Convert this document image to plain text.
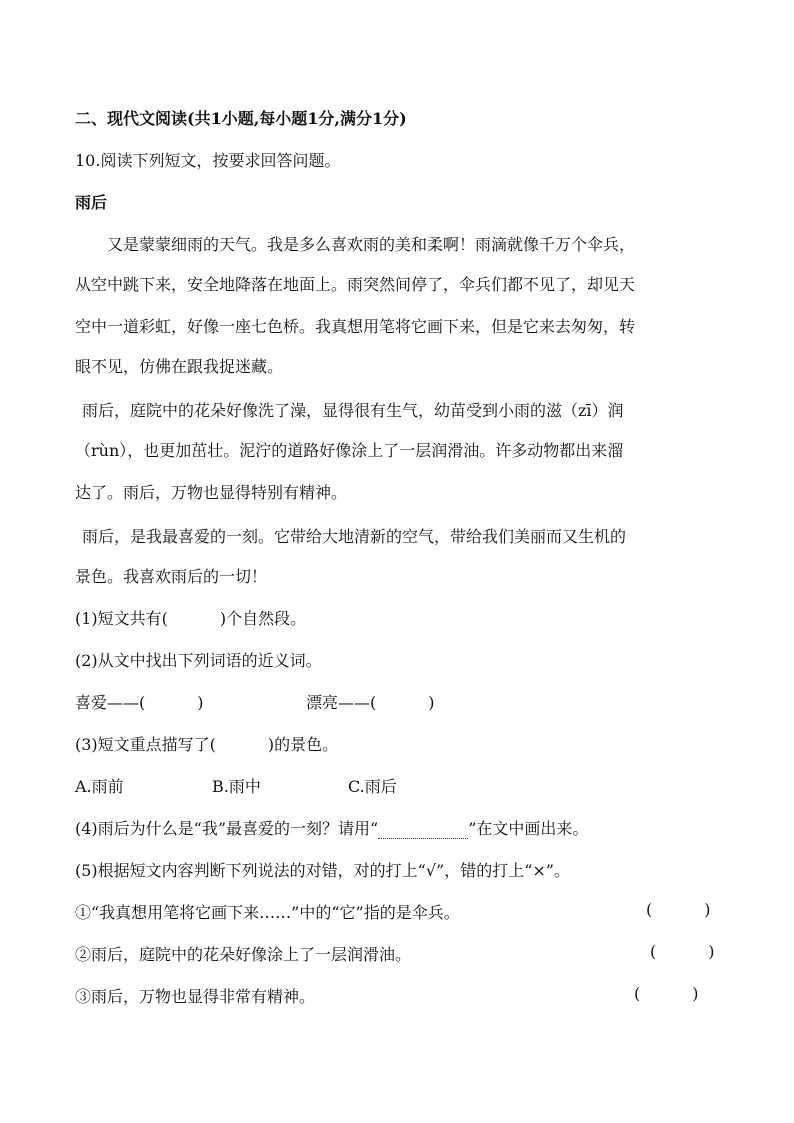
二、现代文阅读(共1小题,每小题1分,满分1分)
10.阅读下列短文，按要求回答问题。
雨后
又是蒙蒙细雨的天气。我是多么喜欢雨的美和柔啊！雨滴就像千万个伞兵，
从空中跳下来，安全地降落在地面上。雨突然间停了，伞兵们都不见了，却见天
空中一道彩虹，好像一座七色桥。我真想用笔将它画下来，但是它来去匆匆，转
眼不见，仿佛在跟我捉迷藏。
雨后，庭院中的花朵好像洗了澡，显得很有生气，幼苗受到小雨的滋（zī）润
（rùn），也更加茁壮。泥泞的道路好像涂上了一层润滑油。许多动物都出来溜
达了。雨后，万物也显得特别有精神。
雨后，是我最喜爱的一刻。它带给大地清新的空气，带给我们美丽而又生机的
景色。我喜欢雨后的一切！
(1)短文共有(	)个自然段。
(2)从文中找出下列词语的近义词。
喜爱——(	)	漂亮——(	)
(3)短文重点描写了(	)的景色。
A.雨前	B.雨中	C.雨后
(4)雨后为什么是“我”最喜爱的一刻？请用“	”在文中画出来。
(5)根据短文内容判断下列说法的对错，对的打上“√”，错的打上“×”。
①“我真想用笔将它画下来……”中的“它”指的是伞兵。	(	)
②雨后，庭院中的花朵好像涂上了一层润滑油。	(	)
③雨后，万物也显得非常有精神。	(	)
